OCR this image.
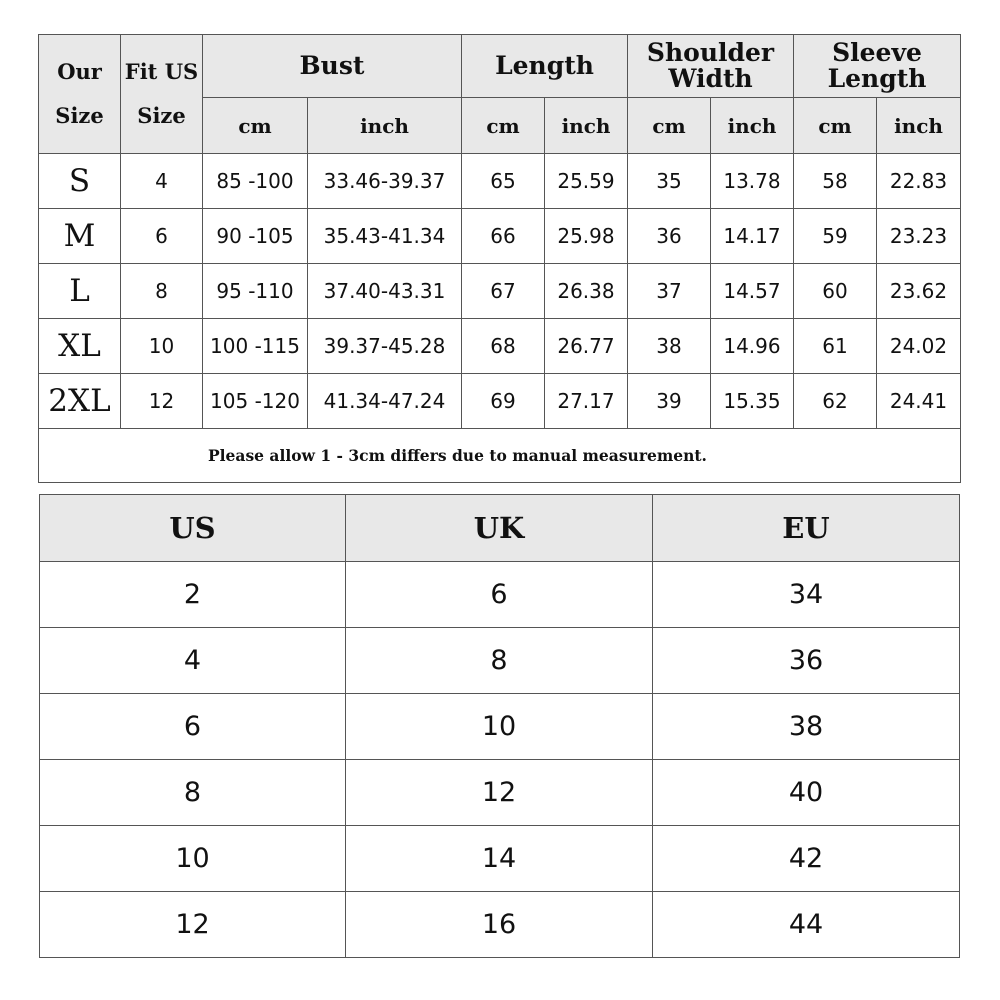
Our Size	Fit US Size	Bust		Length		Shoulder Width		Sleeve Length	
		cm	inch	cm	inch	cm	inch	cm	inch
S	4	85 -100	33.46-39.37	65	25.59	35	13.78	58	22.83
M	6	90 -105	35.43-41.34	66	25.98	36	14.17	59	23.23
L	8	95 -110	37.40-43.31	67	26.38	37	14.57	60	23.62
XL	10	100 -115	39.37-45.28	68	26.77	38	14.96	61	24.02
2XL	12	105 -120	41.34-47.24	69	27.17	39	15.35	62	24.41
Please allow 1 - 3cm differs due to manual measurement.									
US	UK	EU
2	6	34
4	8	36
6	10	38
8	12	40
10	14	42
12	16	44
